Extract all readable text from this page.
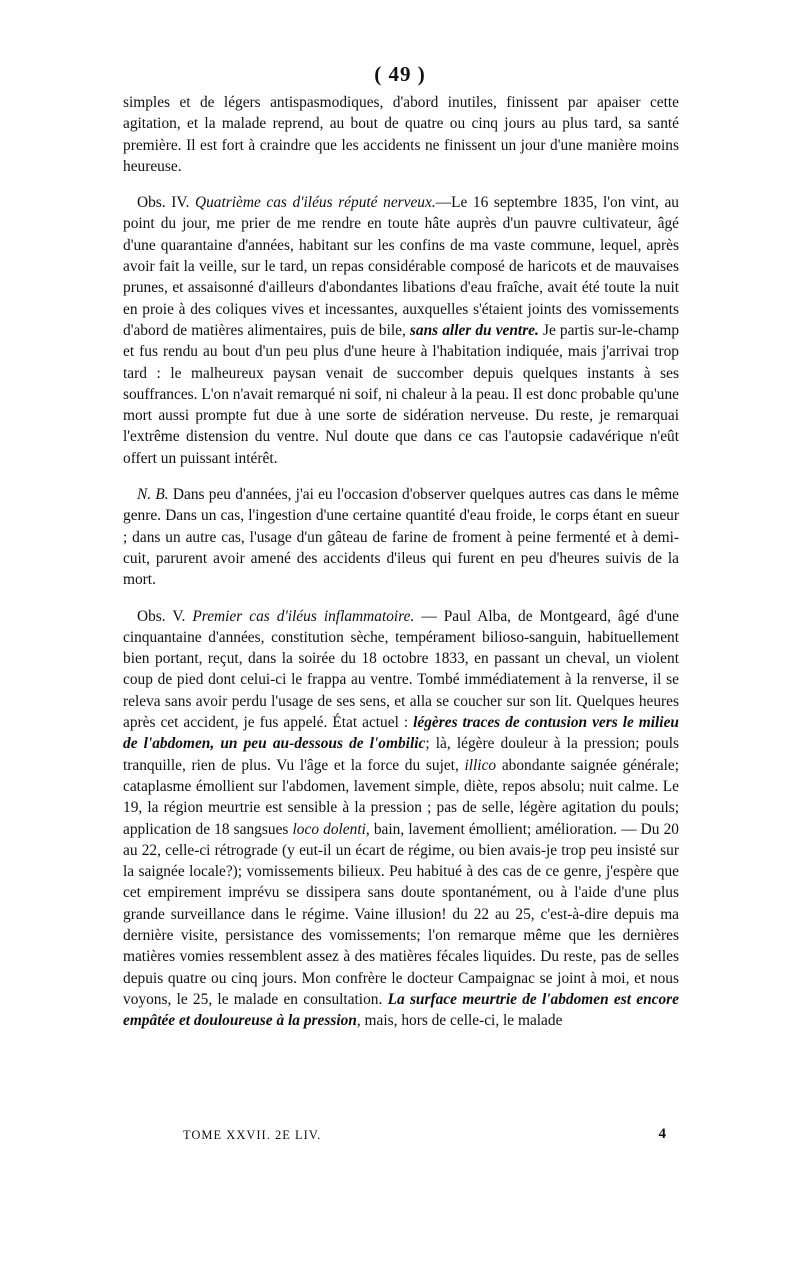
( 49 )

simples et de légers antispasmodiques, d'abord inutiles, finissent par apaiser cette agitation, et la malade reprend, au bout de quatre ou cinq jours au plus tard, sa santé première. Il est fort à craindre que les accidents ne finissent un jour d'une manière moins heureuse.

Obs. IV. Quatrième cas d'iléus réputé nerveux.—Le 16 septembre 1835, l'on vint, au point du jour, me prier de me rendre en toute hâte auprès d'un pauvre cultivateur, âgé d'une quarantaine d'années, habitant sur les confins de ma vaste commune, lequel, après avoir fait la veille, sur le tard, un repas considérable composé de haricots et de mauvaises prunes, et assaisonné d'ailleurs d'abondantes libations d'eau fraîche, avait été toute la nuit en proie à des coliques vives et incessantes, auxquelles s'étaient joints des vomissements d'abord de matières alimentaires, puis de bile, sans aller du ventre. Je partis sur-le-champ et fus rendu au bout d'un peu plus d'une heure à l'habitation indiquée, mais j'arrivai trop tard : le malheureux paysan venait de succomber depuis quelques instants à ses souffrances. L'on n'avait remarqué ni soif, ni chaleur à la peau. Il est donc probable qu'une mort aussi prompte fut due à une sorte de sidération nerveuse. Du reste, je remarquai l'extrême distension du ventre. Nul doute que dans ce cas l'autopsie cadavérique n'eût offert un puissant intérêt.

N. B. Dans peu d'années, j'ai eu l'occasion d'observer quelques autres cas dans le même genre. Dans un cas, l'ingestion d'une certaine quantité d'eau froide, le corps étant en sueur ; dans un autre cas, l'usage d'un gâteau de farine de froment à peine fermenté et à demi-cuit, parurent avoir amené des accidents d'ileus qui furent en peu d'heures suivis de la mort.

Obs. V. Premier cas d'iléus inflammatoire. — Paul Alba, de Montgeard, âgé d'une cinquantaine d'années, constitution sèche, tempérament bilioso-sanguin, habituellement bien portant, reçut, dans la soirée du 18 octobre 1833, en passant un cheval, un violent coup de pied dont celui-ci le frappa au ventre. Tombé immédiatement à la renverse, il se releva sans avoir perdu l'usage de ses sens, et alla se coucher sur son lit. Quelques heures après cet accident, je fus appelé. État actuel : légères traces de contusion vers le milieu de l'abdomen, un peu au-dessous de l'ombilic; là, légère douleur à la pression; pouls tranquille, rien de plus. Vu l'âge et la force du sujet, illico abondante saignée générale; cataplasme émollient sur l'abdomen, lavement simple, diète, repos absolu; nuit calme. Le 19, la région meurtrie est sensible à la pression ; pas de selle, légère agitation du pouls; application de 18 sangsues loco dolenti, bain, lavement émollient; amélioration. — Du 20 au 22, celle-ci rétrograde (y eut-il un écart de régime, ou bien avais-je trop peu insisté sur la saignée locale?); vomissements bilieux. Peu habitué à des cas de ce genre, j'espère que cet empirement imprévu se dissipera sans doute spontanément, ou à l'aide d'une plus grande surveillance dans le régime. Vaine illusion! du 22 au 25, c'est-à-dire depuis ma dernière visite, persistance des vomissements; l'on remarque même que les dernières matières vomies ressemblent assez à des matières fécales liquides. Du reste, pas de selles depuis quatre ou cinq jours. Mon confrère le docteur Campaignac se joint à moi, et nous voyons, le 25, le malade en consultation. La surface meurtrie de l'abdomen est encore empâtée et douloureuse à la pression, mais, hors de celle-ci, le malade

TOME XXVII. 2E LIV.	4
